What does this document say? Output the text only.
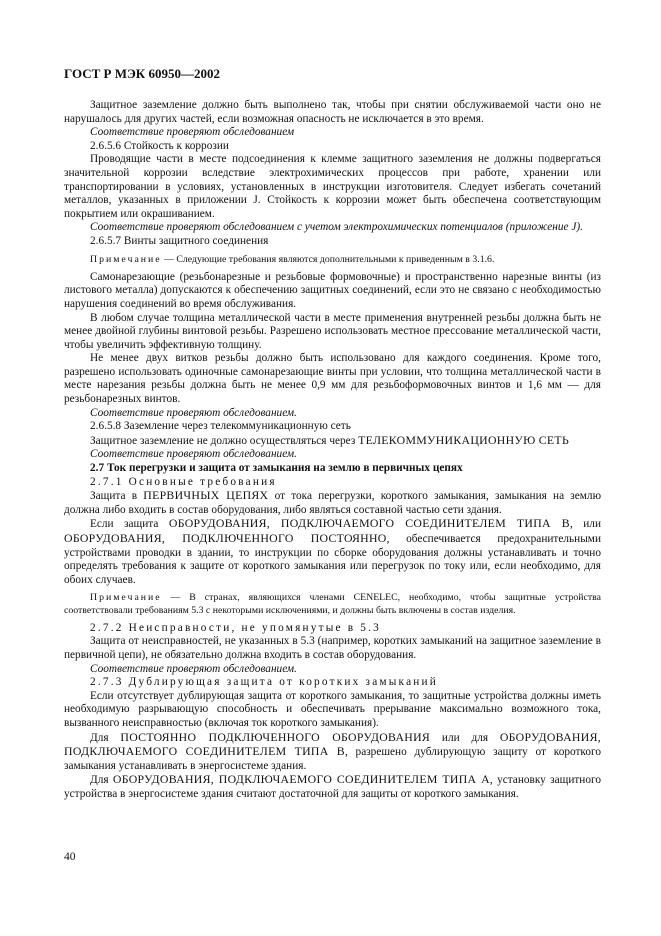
ГОСТ Р МЭК 60950—2002

Защитное заземление должно быть выполнено так, чтобы при снятии обслуживаемой части оно не нарушалось для других частей, если возможная опасность не исключается в это время.

Соответствие проверяют обследованием

2.6.5.6 Стойкость к коррозии

Проводящие части в месте подсоединения к клемме защитного заземления не должны подвергаться значительной коррозии вследствие электрохимических процессов при работе, хранении или транспортировании в условиях, установленных в инструкции изготовителя. Следует избегать сочетаний металлов, указанных в приложении J. Стойкость к коррозии может быть обеспечена соответствующим покрытием или окрашиванием.

Соответствие проверяют обследованием с учетом электрохимических потенциалов (приложение J).

2.6.5.7 Винты защитного соединения

Примечание — Следующие требования являются дополнительными к приведенным в 3.1.6.

Самонарезающие (резьбонарезные и резьбовые формовочные) и пространственно нарезные винты (из листового металла) допускаются к обеспечению защитных соединений, если это не связано с необходимостью нарушения соединений во время обслуживания.

В любом случае толщина металлической части в месте применения внутренней резьбы должна быть не менее двойной глубины винтовой резьбы. Разрешено использовать местное прессование металлической части, чтобы увеличить эффективную толщину.

Не менее двух витков резьбы должно быть использовано для каждого соединения. Кроме того, разрешено использовать одиночные самонарезающие винты при условии, что толщина металлической части в месте нарезания резьбы должна быть не менее 0,9 мм для резьбоформовочных винтов и 1,6 мм — для резьбонарезных винтов.

Соответствие проверяют обследованием.

2.6.5.8 Заземление через телекоммуникационную сеть

Защитное заземление не должно осуществляться через ТЕЛЕКОММУНИКАЦИОННУЮ СЕТЬ

Соответствие проверяют обследованием.

2.7 Ток перегрузки и защита от замыкания на землю в первичных цепях

2.7.1 Основные требования

Защита в ПЕРВИЧНЫХ ЦЕПЯХ от тока перегрузки, короткого замыкания, замыкания на землю должна либо входить в состав оборудования, либо являться составной частью сети здания.

Если защита ОБОРУДОВАНИЯ, ПОДКЛЮЧАЕМОГО СОЕДИНИТЕЛЕМ ТИПА В, или ОБОРУДОВАНИЯ, ПОДКЛЮЧЕННОГО ПОСТОЯННО, обеспечивается предохранительными устройствами проводки в здании, то инструкции по сборке оборудования должны устанавливать и точно определять требования к защите от короткого замыкания или перегрузок по току или, если необходимо, для обоих случаев.

Примечание — В странах, являющихся членами CENELEC, необходимо, чтобы защитные устройства соответствовали требованиям 5.3 с некоторыми исключениями, и должны быть включены в состав изделия.

2.7.2 Неисправности, не упомянутые в 5.3

Защита от неисправностей, не указанных в 5.3 (например, коротких замыканий на защитное заземление в первичной цепи), не обязательно должна входить в состав оборудования.

Соответствие проверяют обследованием.

2.7.3 Дублирующая защита от коротких замыканий

Если отсутствует дублирующая защита от короткого замыкания, то защитные устройства должны иметь необходимую разрывающую способность и обеспечивать прерывание максимально возможного тока, вызванного неисправностью (включая ток короткого замыкания).

Для ПОСТОЯННО ПОДКЛЮЧЕННОГО ОБОРУДОВАНИЯ или для ОБОРУДОВАНИЯ, ПОДКЛЮЧАЕМОГО СОЕДИНИТЕЛЕМ ТИПА В, разрешено дублирующую защиту от короткого замыкания устанавливать в энергосистеме здания.

Для ОБОРУДОВАНИЯ, ПОДКЛЮЧАЕМОГО СОЕДИНИТЕЛЕМ ТИПА А, установку защитного устройства в энергосистеме здания считают достаточной для защиты от короткого замыкания.

40
